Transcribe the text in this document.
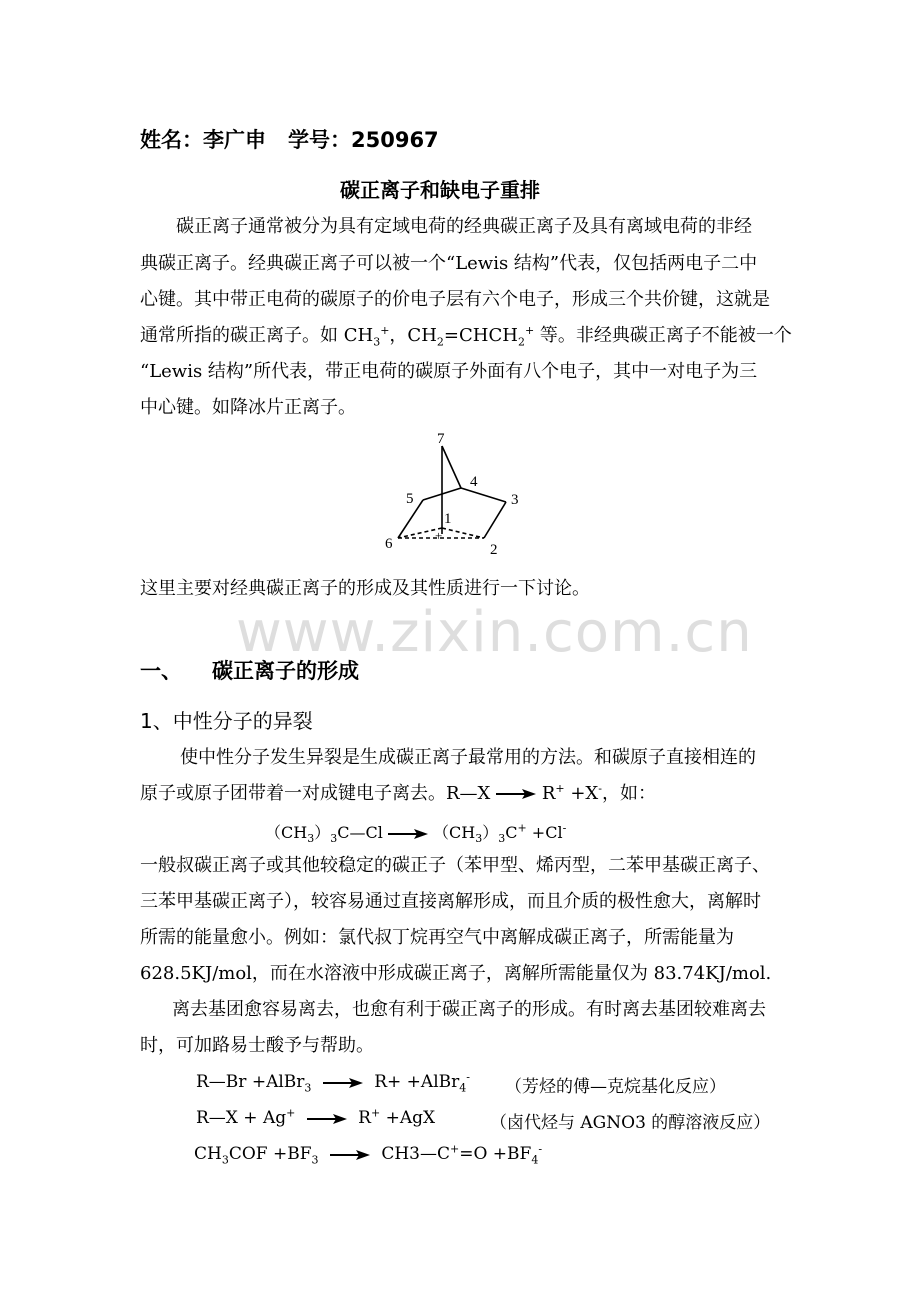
姓名：李广申 学号：250967
碳正离子和缺电子重排
碳正离子通常被分为具有定域电荷的经典碳正离子及具有离域电荷的非经
典碳正离子。经典碳正离子可以被一个“Lewis 结构”代表，仅包括两电子二中
心键。其中带正电荷的碳原子的价电子层有六个电子，形成三个共价键，这就是
通常所指的碳正离子。如 $CH_3^+$，$CH_2=CHCH_2^+$ 等。非经典碳正离子不能被一个
“Lewis 结构”所代表，带正电荷的碳原子外面有八个电子，其中一对电子为三
中心键。如降冰片正离子。
7
4
5	3
1
6	2
+
这里主要对经典碳正离子的形成及其性质进行一下讨论。
www.zixin.com.cn
一、 碳正离子的形成
1、中性分子的异裂
使中性分子发生异裂是生成碳正离子最常用的方法。和碳原子直接相连的
原子或原子团带着一对成键电子离去。R—X → R+ +X-，如：
$(CH_3)_3C—Cl \to (CH_3)_3C^+ +Cl^-$
一般叔碳正离子或其他较稳定的碳正子（苯甲型、烯丙型，二苯甲基碳正离子、
三苯甲基碳正离子），较容易通过直接离解形成，而且介质的极性愈大，离解时
所需的能量愈小。例如：氯代叔丁烷再空气中离解成碳正离子，所需能量为
628.5KJ/mol，而在水溶液中形成碳正离子，离解所需能量仅为 83.74KJ/mol.
离去基团愈容易离去，也愈有利于碳正离子的形成。有时离去基团较难离去
时，可加路易士酸予与帮助。
R—Br +AlBr$_3$ → R+ +AlBr$_4$-
（芳烃的傅—克烷基化反应）
R—X + Ag+ → R+ +AgX	（卤代烃与 AGNO3 的醇溶液反应）
$CH_3COF +BF_3$ → CH3—C+=O $+BF_4^-$
